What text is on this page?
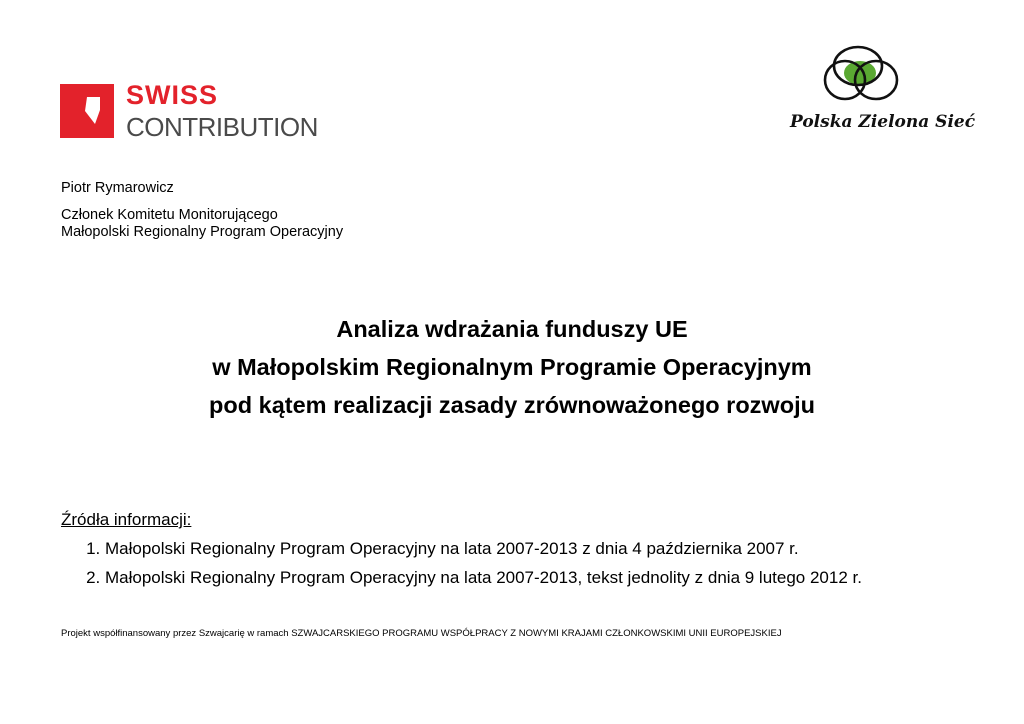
SWISS
CONTRIBUTION	Polska Zielona Sieć
Piotr Rymarowicz
Członek Komitetu Monitorującego
Małopolski Regionalny Program Operacyjny
Analiza wdrażania funduszy UE
w Małopolskim Regionalnym Programie Operacyjnym
pod kątem realizacji zasady zrównoważonego rozwoju
Źródła informacji:
1. Małopolski Regionalny Program Operacyjny na lata 2007-2013 z dnia 4 października 2007 r.
2. Małopolski Regionalny Program Operacyjny na lata 2007-2013, tekst jednolity z dnia 9 lutego 2012 r.
Projekt współfinansowany przez Szwajcarię w ramach SZWAJCARSKIEGO PROGRAMU WSPÓŁPRACY Z NOWYMI KRAJAMI CZŁONKOWSKIMI UNII EUROPEJSKIEJ
